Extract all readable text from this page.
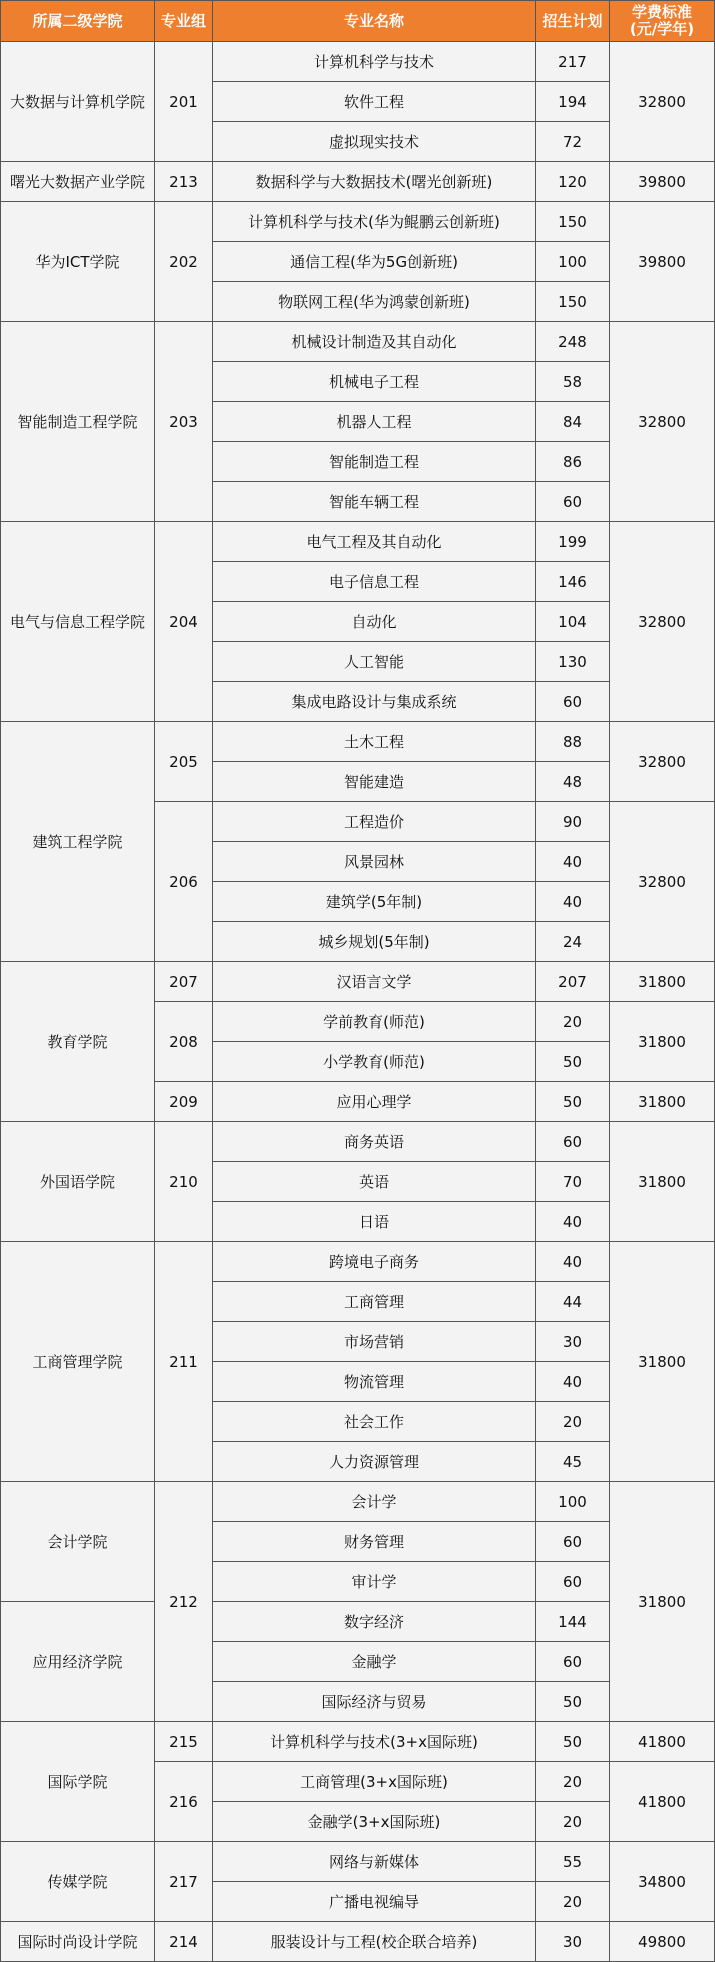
所属二级学院	专业组	专业名称	招生计划	学费标准
(元/学年)

大数据与计算机学院	201	计算机科学与技术	217	32800
		软件工程	194	
		虚拟现实技术	72	
曙光大数据产业学院	213	数据科学与大数据技术(曙光创新班)	120	39800
华为ICT学院	202	计算机科学与技术(华为鲲鹏云创新班)	150	39800
		通信工程(华为5G创新班)	100	
		物联网工程(华为鸿蒙创新班)	150	
智能制造工程学院	203	机械设计制造及其自动化	248	32800
		机械电子工程	58	
		机器人工程	84	
		智能制造工程	86	
		智能车辆工程	60	
电气与信息工程学院	204	电气工程及其自动化	199	32800
		电子信息工程	146	
		自动化	104	
		人工智能	130	
		集成电路设计与集成系统	60	
建筑工程学院	205	土木工程	88	32800
		智能建造	48	
	206	工程造价	90	32800
		风景园林	40	
		建筑学(5年制)	40	
		城乡规划(5年制)	24	
教育学院	207	汉语言文学	207	31800
	208	学前教育(师范)	20	31800
		小学教育(师范)	50	
	209	应用心理学	50	31800
外国语学院	210	商务英语	60	31800
		英语	70	
		日语	40	
工商管理学院	211	跨境电子商务	40	31800
		工商管理	44	
		市场营销	30	
		物流管理	40	
		社会工作	20	
		人力资源管理	45	
会计学院	212	会计学	100	31800
		财务管理	60	
		审计学	60	
应用经济学院		数字经济	144	
		金融学	60	
		国际经济与贸易	50	
国际学院	215	计算机科学与技术(3+x国际班)	50	41800
	216	工商管理(3+x国际班)	20	41800
		金融学(3+x国际班)	20	
传媒学院	217	网络与新媒体	55	34800
		广播电视编导	20	
国际时尚设计学院	214	服装设计与工程(校企联合培养)	30	49800
